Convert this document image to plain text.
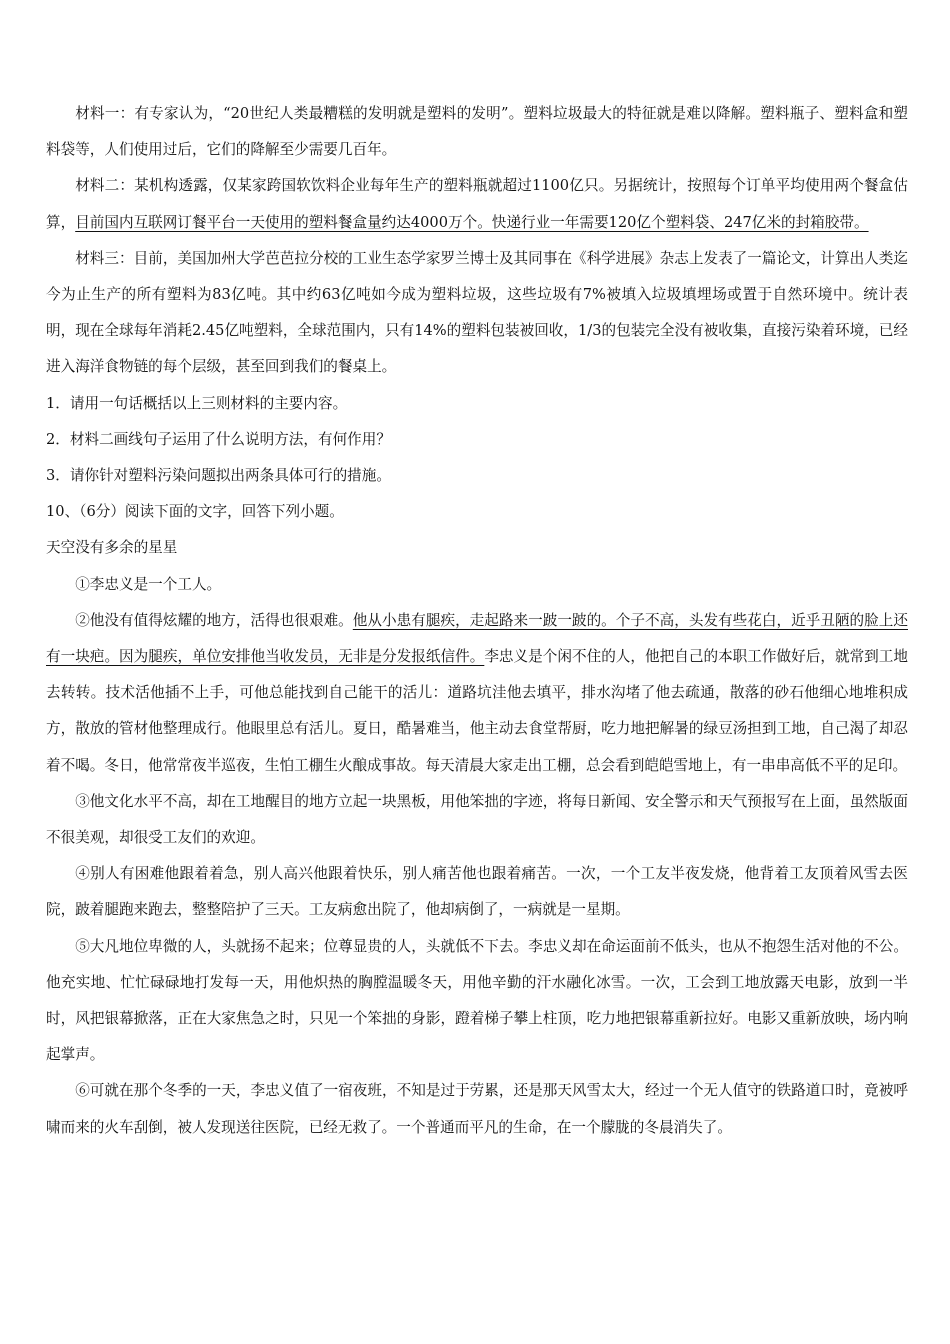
材料一：有专家认为，“20世纪人类最糟糕的发明就是塑料的发明”。塑料垃圾最大的特征就是难以降解。塑料瓶子、塑料盒和塑料袋等，人们使用过后，它们的降解至少需要几百年。

材料二：某机构透露，仅某家跨国软饮料企业每年生产的塑料瓶就超过1100亿只。另据统计，按照每个订单平均使用两个餐盒估算，目前国内互联网订餐平台一天使用的塑料餐盒量约达4000万个。快递行业一年需要120亿个塑料袋、247亿米的封箱胶带。

材料三：目前，美国加州大学芭芭拉分校的工业生态学家罗兰博士及其同事在《科学进展》杂志上发表了一篇论文，计算出人类迄今为止生产的所有塑料为83亿吨。其中约63亿吨如今成为塑料垃圾，这些垃圾有7%被填入垃圾填埋场或置于自然环境中。统计表明，现在全球每年消耗2.45亿吨塑料，全球范围内，只有14%的塑料包装被回收，1/3的包装完全没有被收集，直接污染着环境，已经进入海洋食物链的每个层级，甚至回到我们的餐桌上。

1．请用一句话概括以上三则材料的主要内容。

2．材料二画线句子运用了什么说明方法，有何作用？

3．请你针对塑料污染问题拟出两条具体可行的措施。

10、（6分）阅读下面的文字，回答下列小题。

天空没有多余的星星

①李忠义是一个工人。

②他没有值得炫耀的地方，活得也很艰难。他从小患有腿疾，走起路来一跛一跛的。个子不高，头发有些花白，近乎丑陋的脸上还有一块疤。因为腿疾，单位安排他当收发员，无非是分发报纸信件。李忠义是个闲不住的人，他把自己的本职工作做好后，就常到工地去转转。技术活他插不上手，可他总能找到自己能干的活儿：道路坑洼他去填平，排水沟堵了他去疏通，散落的砂石他细心地堆积成方，散放的管材他整理成行。他眼里总有活儿。夏日，酷暑难当，他主动去食堂帮厨，吃力地把解暑的绿豆汤担到工地，自己渴了却忍着不喝。冬日，他常常夜半巡夜，生怕工棚生火酿成事故。每天清晨大家走出工棚，总会看到皑皑雪地上，有一串串高低不平的足印。

③他文化水平不高，却在工地醒目的地方立起一块黑板，用他笨拙的字迹，将每日新闻、安全警示和天气预报写在上面，虽然版面不很美观，却很受工友们的欢迎。

④别人有困难他跟着着急，别人高兴他跟着快乐，别人痛苦他也跟着痛苦。一次，一个工友半夜发烧，他背着工友顶着风雪去医院，跛着腿跑来跑去，整整陪护了三天。工友病愈出院了，他却病倒了，一病就是一星期。

⑤大凡地位卑微的人，头就扬不起来；位尊显贵的人，头就低不下去。李忠义却在命运面前不低头，也从不抱怨生活对他的不公。他充实地、忙忙碌碌地打发每一天，用他炽热的胸膛温暖冬天，用他辛勤的汗水融化冰雪。一次，工会到工地放露天电影，放到一半时，风把银幕掀落，正在大家焦急之时，只见一个笨拙的身影，蹬着梯子攀上柱顶，吃力地把银幕重新拉好。电影又重新放映，场内响起掌声。

⑥可就在那个冬季的一天，李忠义值了一宿夜班，不知是过于劳累，还是那天风雪太大，经过一个无人值守的铁路道口时，竟被呼啸而来的火车刮倒，被人发现送往医院，已经无救了。一个普通而平凡的生命，在一个朦胧的冬晨消失了。
